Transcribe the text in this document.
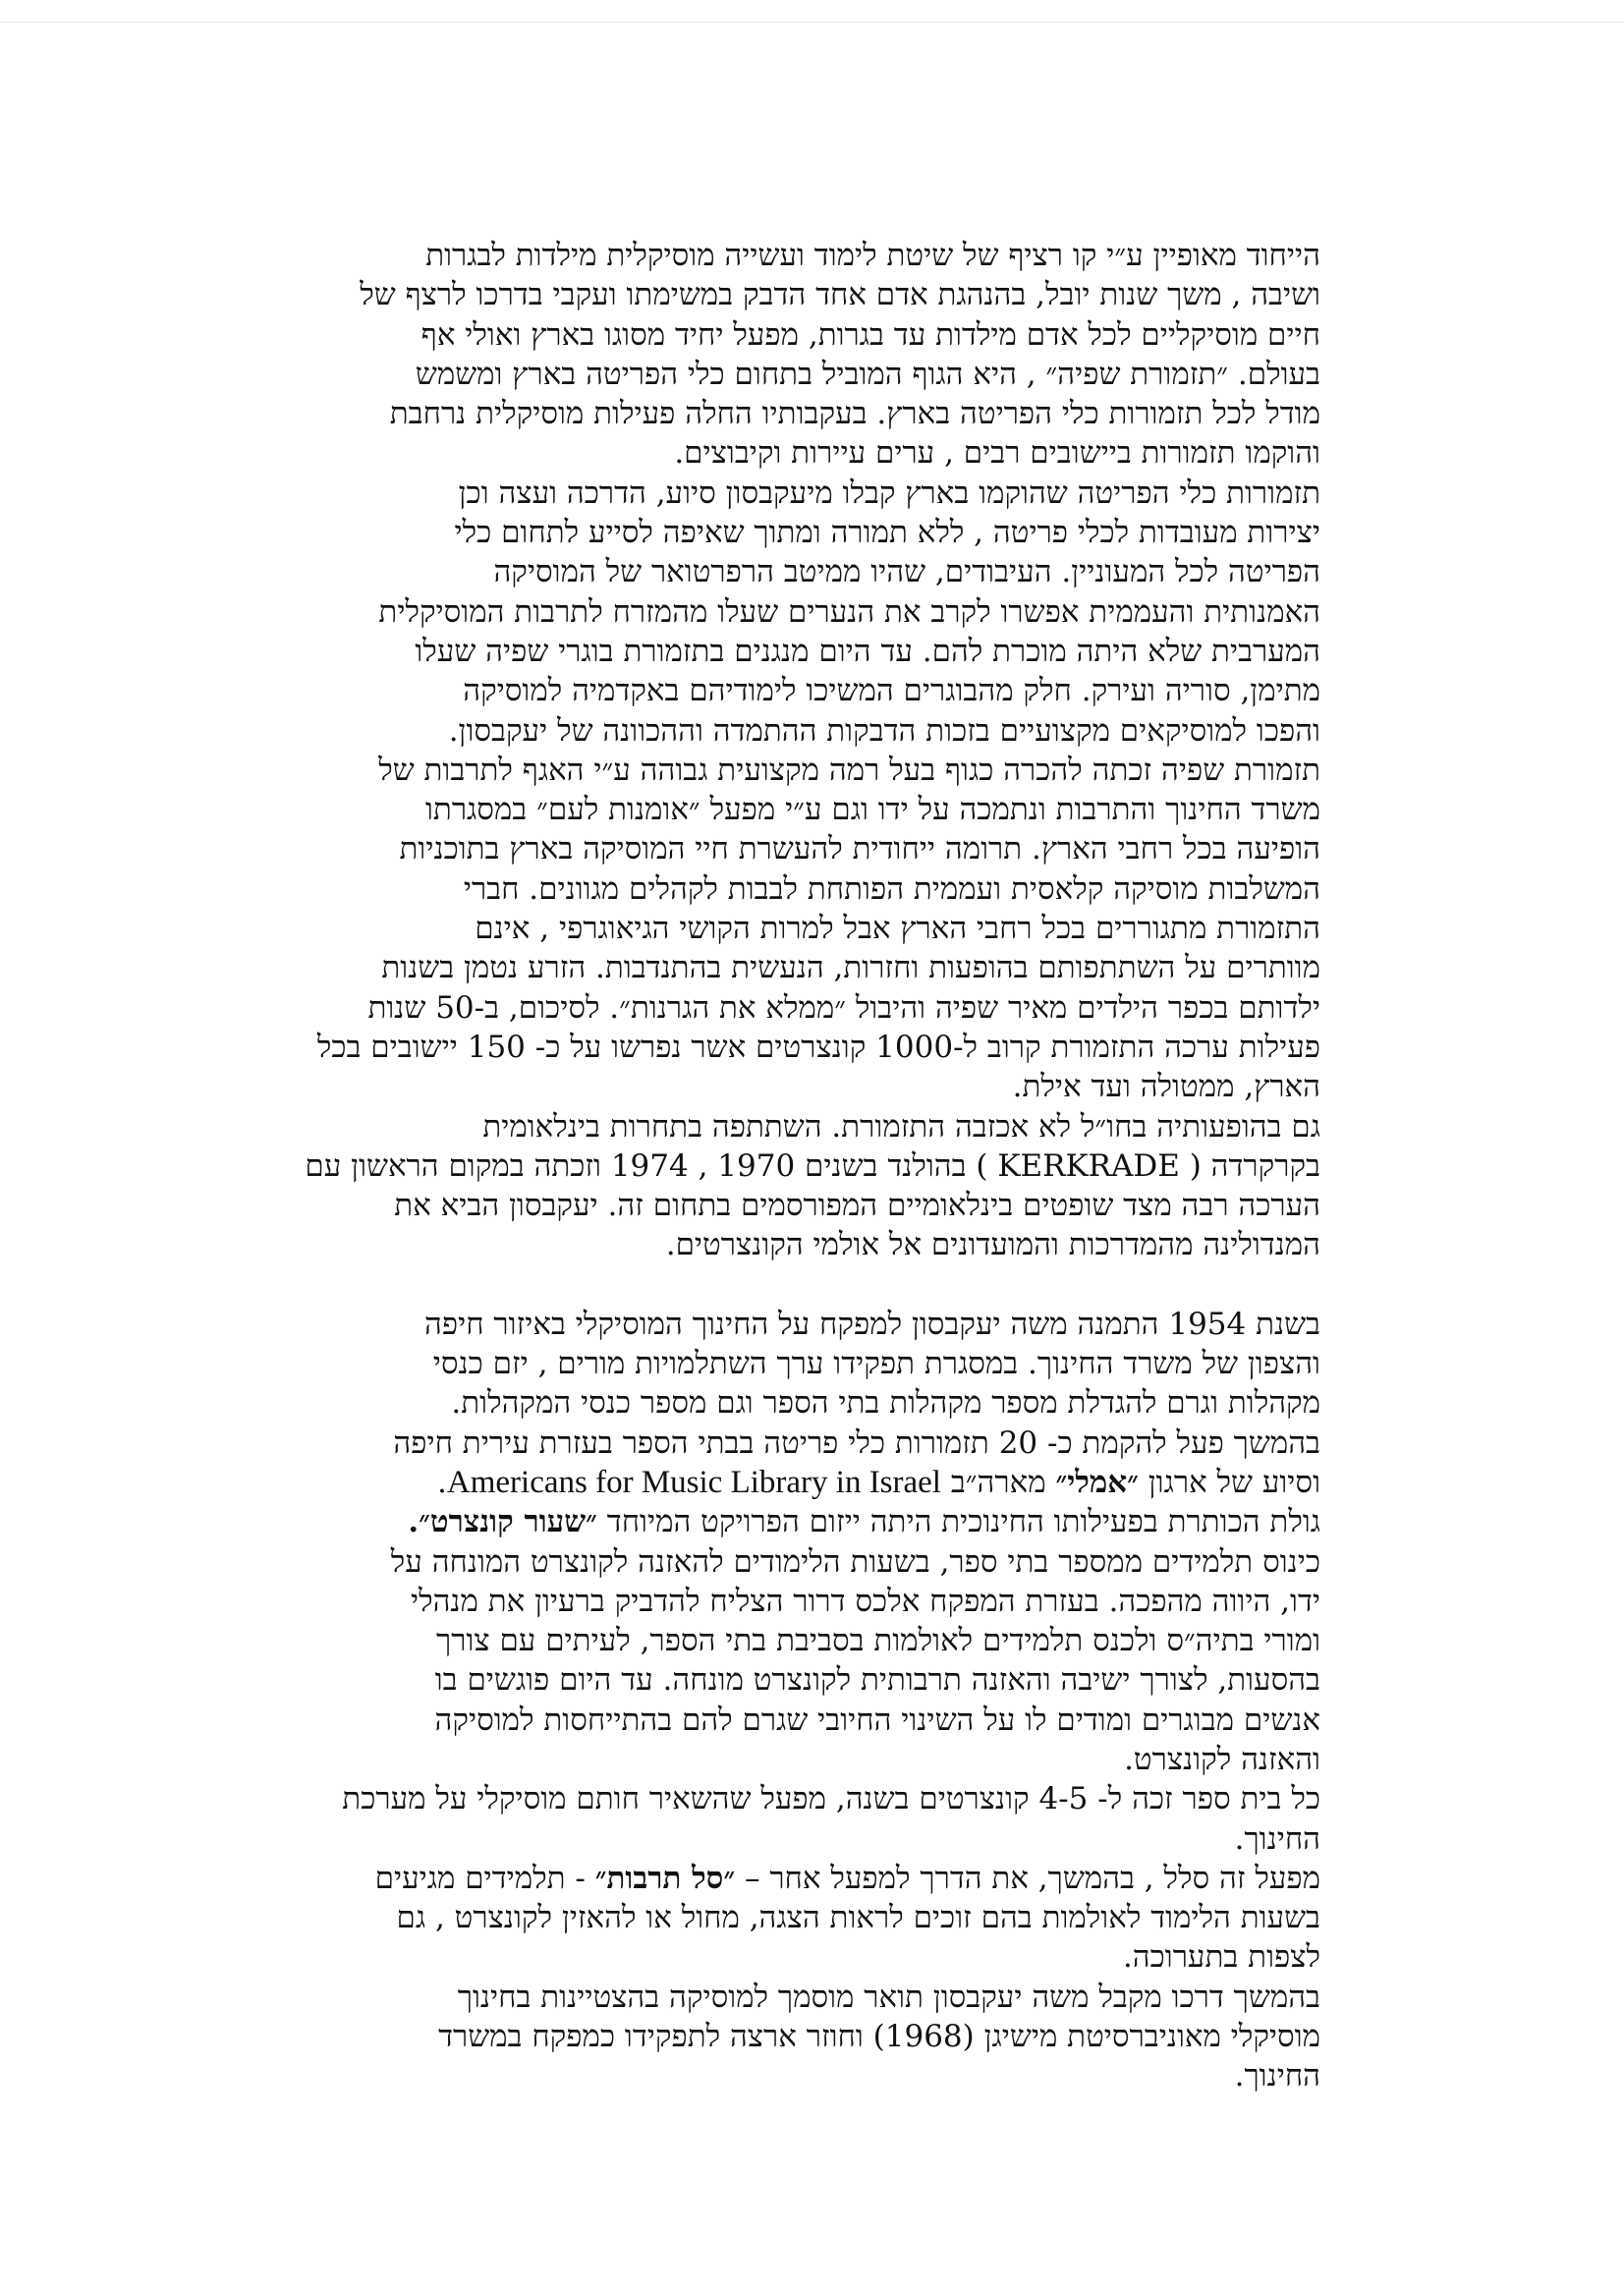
הייחוד מאופיין ע״י קו רציף של שיטת לימוד ועשייה מוסיקלית מילדות לבגרות
ושיבה , משך שנות יובל, בהנהגת אדם אחד הדבק במשימתו ועקבי בדרכו לרצף של
חיים מוסיקליים לכל אדם מילדות עד בגרות, מפעל יחיד מסוגו בארץ ואולי אף
בעולם. ״תזמורת שפיה״ , היא הגוף המוביל בתחום כלי הפריטה בארץ ומשמש
מודל לכל תזמורות כלי הפריטה בארץ. בעקבותיו החלה פעילות מוסיקלית נרחבת
והוקמו תזמורות ביישובים רבים , ערים עיירות וקיבוצים.

תזמורות כלי הפריטה שהוקמו בארץ קבלו מיעקבסון סיוע, הדרכה ועצה וכן
יצירות מעובדות לכלי פריטה , ללא תמורה ומתוך שאיפה לסייע לתחום כלי
הפריטה לכל המעוניין. העיבודים, שהיו ממיטב הרפרטואר של המוסיקה
האמנותית והעממית אפשרו לקרב את הנערים שעלו מהמזרח לתרבות המוסיקלית
המערבית שלא היתה מוכרת להם. עד היום מנגנים בתזמורת בוגרי שפיה שעלו
מתימן, סוריה ועירק. חלק מהבוגרים המשיכו לימודיהם באקדמיה למוסיקה
והפכו למוסיקאים מקצועיים בזכות הדבקות ההתמדה וההכוונה של יעקבסון.

תזמורת שפיה זכתה להכרה כגוף בעל רמה מקצועית גבוהה ע״י האגף לתרבות של
משרד החינוך והתרבות ונתמכה על ידו וגם ע״י מפעל ״אומנות לעם״ במסגרתו
הופיעה בכל רחבי הארץ. תרומה ייחודית להעשרת חיי המוסיקה בארץ בתוכניות
המשלבות מוסיקה קלאסית ועממית הפותחת לבבות לקהלים מגוונים. חברי
התזמורת מתגוררים בכל רחבי הארץ אבל למרות הקושי הגיאוגרפי , אינם
מוותרים על השתתפותם בהופעות וחזרות, הנעשית בהתנדבות. הזרע נטמן בשנות
ילדותם בכפר הילדים מאיר שפיה והיבול ״ממלא את הגרנות״. לסיכום, ב-50 שנות
פעילות ערכה התזמורת קרוב ל-1000 קונצרטים אשר נפרשו על כ- 150 יישובים בכל
הארץ, ממטולה ועד אילת.

גם בהופעותיה בחו״ל לא אכזבה התזמורת. השתתפה בתחרות בינלאומית
בקרקרדה ( KERKRADE ) בהולנד בשנים 1970 , 1974 וזכתה במקום הראשון עם
הערכה רבה מצד שופטים בינלאומיים המפורסמים בתחום זה. יעקבסון הביא את
המנדולינה מהמדרכות והמועדונים אל אולמי הקונצרטים.

בשנת 1954 התמנה משה יעקבסון למפקח על החינוך המוסיקלי באיזור חיפה
והצפון של משרד החינוך. במסגרת תפקידו ערך השתלמויות מורים , יזם כנסי
מקהלות וגרם להגדלת מספר מקהלות בתי הספר וגם מספר כנסי המקהלות.
בהמשך פעל להקמת כ- 20 תזמורות כלי פריטה בבתי הספר בעזרת עירית חיפה
וסיוע של ארגון ״אמלי״ מארה״ב Americans for Music Library in Israel.

גולת הכותרת בפעילותו החינוכית היתה ייזום הפרויקט המיוחד ״שעור קונצרט״.
כינוס תלמידים ממספר בתי ספר, בשעות הלימודים להאזנה לקונצרט המונחה על
ידו, היווה מהפכה. בעזרת המפקח אלכס דרור הצליח להדביק ברעיון את מנהלי
ומורי בתיה״ס ולכנס תלמידים לאולמות בסביבת בתי הספר, לעיתים עם צורך
בהסעות, לצורך ישיבה והאזנה תרבותית לקונצרט מונחה. עד היום פוגשים בו
אנשים מבוגרים ומודים לו על השינוי החיובי שגרם להם בהתייחסות למוסיקה
והאזנה לקונצרט.

כל בית ספר זכה ל- 4-5 קונצרטים בשנה, מפעל שהשאיר חותם מוסיקלי על מערכת
החינוך.

מפעל זה סלל , בהמשך, את הדרך למפעל אחר – ״סל תרבות״ - תלמידים מגיעים
בשעות הלימוד לאולמות בהם זוכים לראות הצגה, מחול או להאזין לקונצרט , גם
לצפות בתערוכה.

בהמשך דרכו מקבל משה יעקבסון תואר מוסמך למוסיקה בהצטיינות בחינוך
מוסיקלי מאוניברסיטת מישיגן (1968) וחוזר ארצה לתפקידו כמפקח במשרד
החינוך.
